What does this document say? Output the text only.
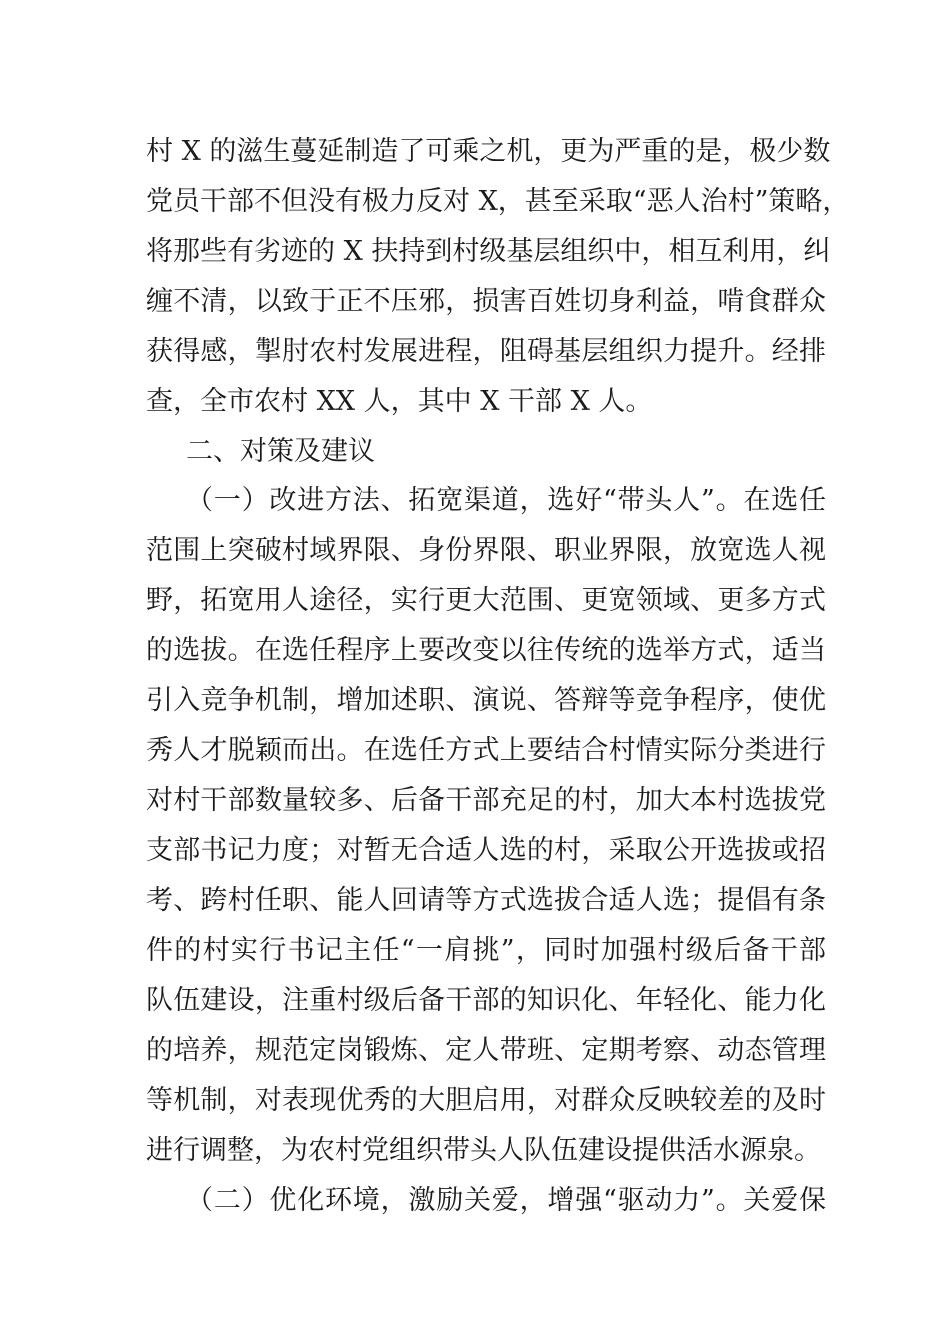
村 X 的滋生蔓延制造了可乘之机，更为严重的是，极少数
党员干部不但没有极力反对 X，甚至采取“恶人治村”策略，
将那些有劣迹的 X 扶持到村级基层组织中，相互利用，纠
缠不清，以致于正不压邪，损害百姓切身利益，啃食群众
获得感，掣肘农村发展进程，阻碍基层组织力提升。经排
查，全市农村 XX 人，其中 X 干部 X 人。
二、对策及建议
（一）改进方法、拓宽渠道，选好“带头人”。在选任
范围上突破村域界限、身份界限、职业界限，放宽选人视
野，拓宽用人途径，实行更大范围、更宽领域、更多方式
的选拔。在选任程序上要改变以往传统的选举方式，适当
引入竞争机制，增加述职、演说、答辩等竞争程序，使优
秀人才脱颖而出。在选任方式上要结合村情实际分类进行
对村干部数量较多、后备干部充足的村，加大本村选拔党
支部书记力度；对暂无合适人选的村，采取公开选拔或招
考、跨村任职、能人回请等方式选拔合适人选；提倡有条
件的村实行书记主任“一肩挑”，同时加强村级后备干部
队伍建设，注重村级后备干部的知识化、年轻化、能力化
的培养，规范定岗锻炼、定人带班、定期考察、动态管理
等机制，对表现优秀的大胆启用，对群众反映较差的及时
进行调整，为农村党组织带头人队伍建设提供活水源泉。
（二）优化环境，激励关爱，增强“驱动力”。关爱保
